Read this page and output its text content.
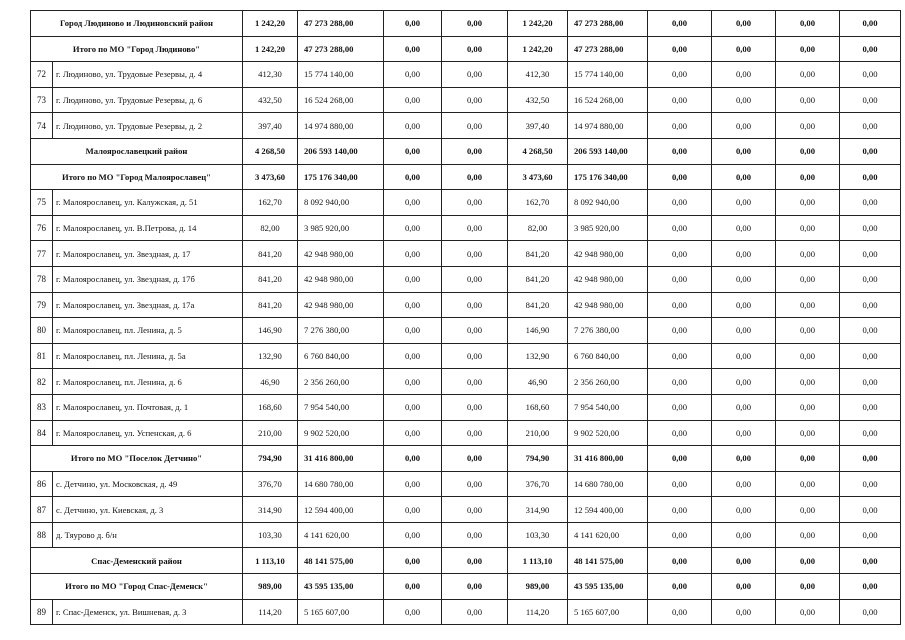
Город Людиново и Людиновский район		1 242,20	47 273 288,00	0,00	0,00	1 242,20	47 273 288,00	0,00	0,00	0,00	0,00
Итого по МО "Город Людиново"		1 242,20	47 273 288,00	0,00	0,00	1 242,20	47 273 288,00	0,00	0,00	0,00	0,00
72	г. Людиново, ул. Трудовые Резервы, д. 4	412,30	15 774 140,00	0,00	0,00	412,30	15 774 140,00	0,00	0,00	0,00	0,00
73	г. Людиново, ул. Трудовые Резервы, д. 6	432,50	16 524 268,00	0,00	0,00	432,50	16 524 268,00	0,00	0,00	0,00	0,00
74	г. Людиново, ул. Трудовые Резервы, д. 2	397,40	14 974 880,00	0,00	0,00	397,40	14 974 880,00	0,00	0,00	0,00	0,00
Малоярославецкий район		4 268,50	206 593 140,00	0,00	0,00	4 268,50	206 593 140,00	0,00	0,00	0,00	0,00
Итого по МО "Город Малоярославец"		3 473,60	175 176 340,00	0,00	0,00	3 473,60	175 176 340,00	0,00	0,00	0,00	0,00
75	г. Малоярославец, ул. Калужская, д. 51	162,70	8 092 940,00	0,00	0,00	162,70	8 092 940,00	0,00	0,00	0,00	0,00
76	г. Малоярославец, ул. В.Петрова, д. 14	82,00	3 985 920,00	0,00	0,00	82,00	3 985 920,00	0,00	0,00	0,00	0,00
77	г. Малоярославец, ул. Звездная, д. 17	841,20	42 948 980,00	0,00	0,00	841,20	42 948 980,00	0,00	0,00	0,00	0,00
78	г. Малоярославец, ул. Звездная, д. 17б	841,20	42 948 980,00	0,00	0,00	841,20	42 948 980,00	0,00	0,00	0,00	0,00
79	г. Малоярославец, ул. Звездная, д. 17а	841,20	42 948 980,00	0,00	0,00	841,20	42 948 980,00	0,00	0,00	0,00	0,00
80	г. Малоярославец, пл. Ленина, д. 5	146,90	7 276 380,00	0,00	0,00	146,90	7 276 380,00	0,00	0,00	0,00	0,00
81	г. Малоярославец, пл. Ленина, д. 5а	132,90	6 760 840,00	0,00	0,00	132,90	6 760 840,00	0,00	0,00	0,00	0,00
82	г. Малоярославец, пл. Ленина, д. 6	46,90	2 356 260,00	0,00	0,00	46,90	2 356 260,00	0,00	0,00	0,00	0,00
83	г. Малоярославец, ул. Почтовая, д. 1	168,60	7 954 540,00	0,00	0,00	168,60	7 954 540,00	0,00	0,00	0,00	0,00
84	г. Малоярославец, ул. Успенская, д. 6	210,00	9 902 520,00	0,00	0,00	210,00	9 902 520,00	0,00	0,00	0,00	0,00
Итого по МО "Поселок Детчино"		794,90	31 416 800,00	0,00	0,00	794,90	31 416 800,00	0,00	0,00	0,00	0,00
86	с. Детчино, ул. Московская, д. 49	376,70	14 680 780,00	0,00	0,00	376,70	14 680 780,00	0,00	0,00	0,00	0,00
87	с. Детчино, ул. Киевская, д. 3	314,90	12 594 400,00	0,00	0,00	314,90	12 594 400,00	0,00	0,00	0,00	0,00
88	д. Тяурово д. б/н	103,30	4 141 620,00	0,00	0,00	103,30	4 141 620,00	0,00	0,00	0,00	0,00
Спас-Деменский район		1 113,10	48 141 575,00	0,00	0,00	1 113,10	48 141 575,00	0,00	0,00	0,00	0,00
Итого по МО "Город Спас-Деменск"		989,00	43 595 135,00	0,00	0,00	989,00	43 595 135,00	0,00	0,00	0,00	0,00
89	г. Спас-Деменск, ул. Вишневая, д. 3	114,20	5 165 607,00	0,00	0,00	114,20	5 165 607,00	0,00	0,00	0,00	0,00
